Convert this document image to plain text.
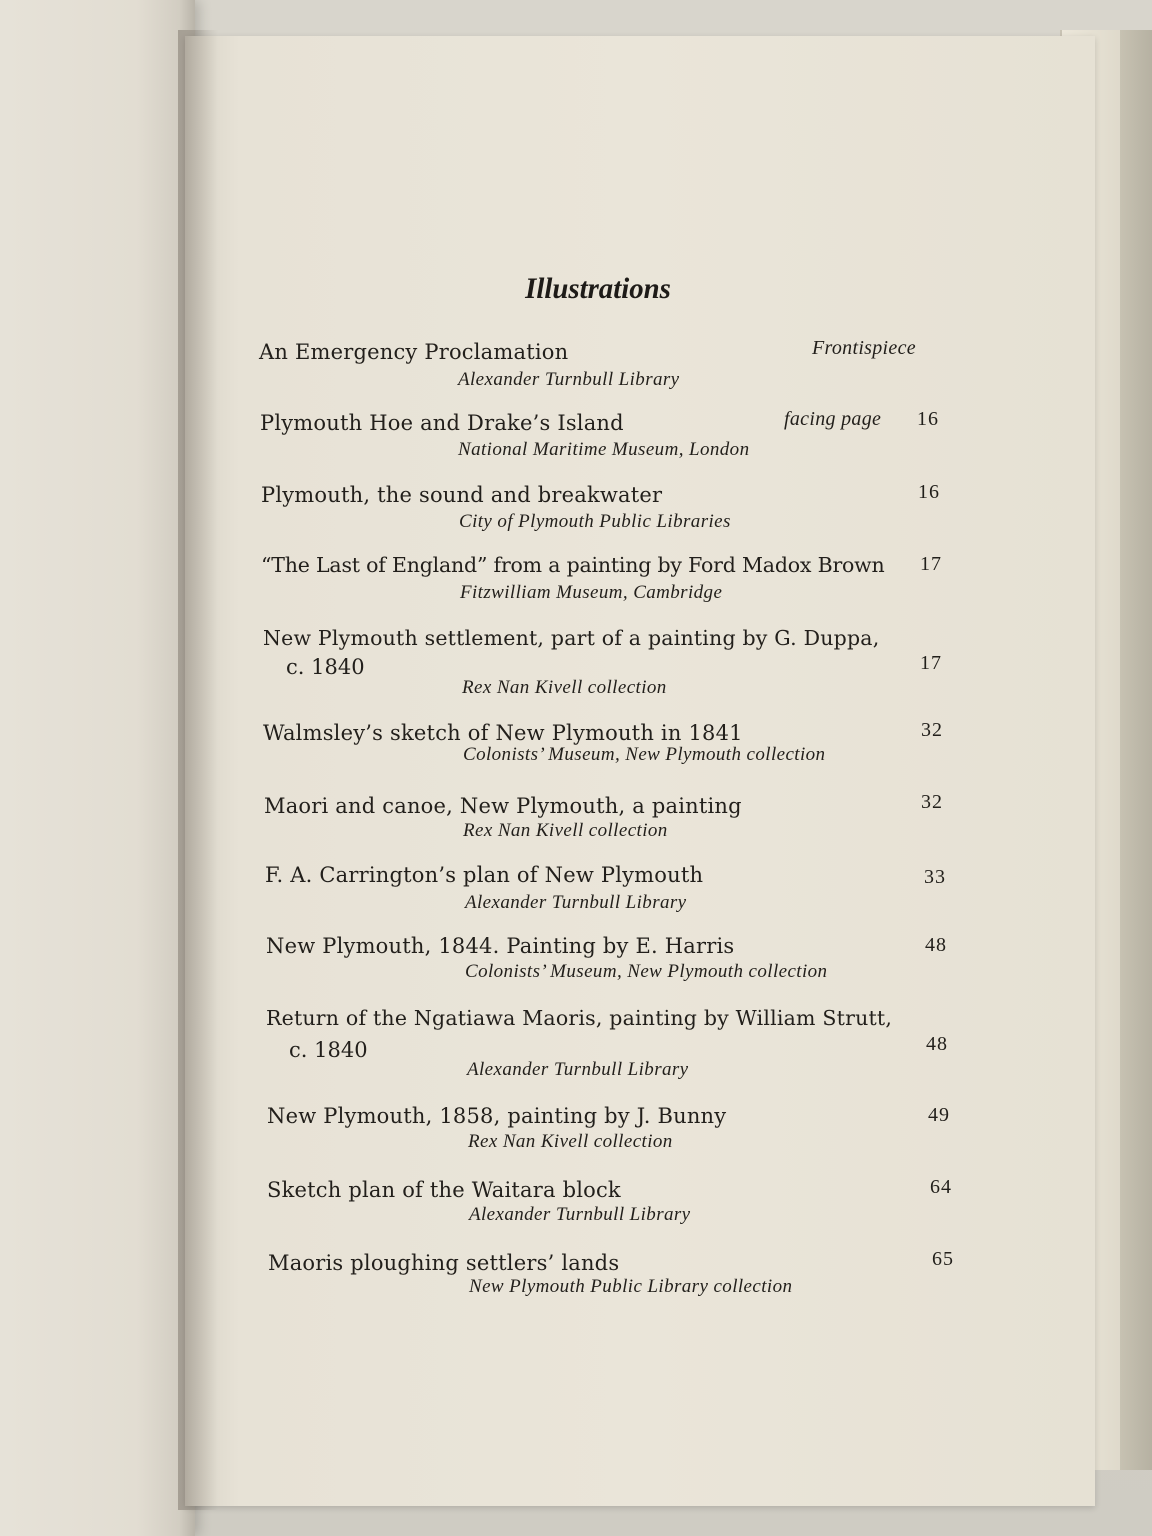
Illustrations
An Emergency Proclamation	Frontispiece
Alexander Turnbull Library
Plymouth Hoe and Drake’s Island	facing page 16
National Maritime Museum, London
Plymouth, the sound and breakwater	16
City of Plymouth Public Libraries
“The Last of England” from a painting by Ford Madox Brown 17
Fitzwilliam Museum, Cambridge
New Plymouth settlement, part of a painting by G. Duppa,
c. 1840	17
Rex Nan Kivell collection
Walmsley’s sketch of New Plymouth in 1841	32
Colonists’ Museum, New Plymouth collection
Maori and canoe, New Plymouth, a painting	32
Rex Nan Kivell collection
F. A. Carrington’s plan of New Plymouth	33
Alexander Turnbull Library
New Plymouth, 1844. Painting by E. Harris	48
Colonists’ Museum, New Plymouth collection
Return of the Ngatiawa Maoris, painting by William Strutt,
c. 1840	48
Alexander Turnbull Library
New Plymouth, 1858, painting by J. Bunny	49
Rex Nan Kivell collection
Sketch plan of the Waitara block	64
Alexander Turnbull Library
Maoris ploughing settlers’ lands	65
New Plymouth Public Library collection
